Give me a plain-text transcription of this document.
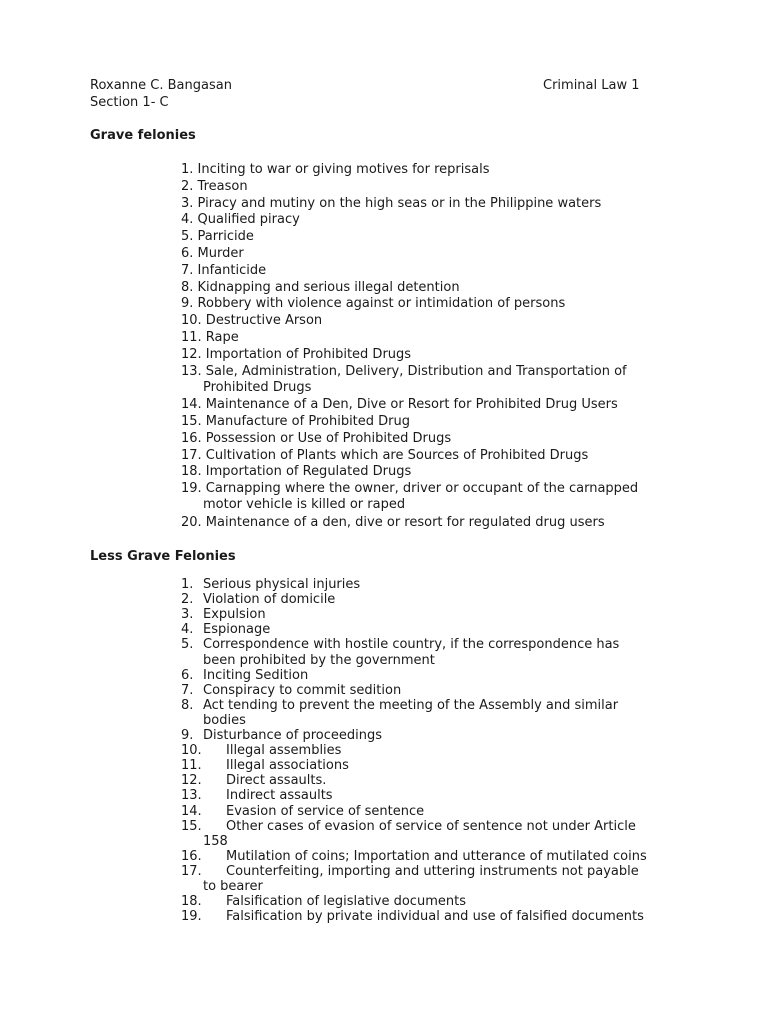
Roxanne C. Bangasan	Criminal Law 1
Section 1- C
Grave felonies
1. Inciting to war or giving motives for reprisals
2. Treason
3. Piracy and mutiny on the high seas or in the Philippine waters
4. Qualified piracy
5. Parricide
6. Murder
7. Infanticide
8. Kidnapping and serious illegal detention
9. Robbery with violence against or intimidation of persons
10. Destructive Arson
11. Rape
12. Importation of Prohibited Drugs
13. Sale, Administration, Delivery, Distribution and Transportation of
Prohibited Drugs
14. Maintenance of a Den, Dive or Resort for Prohibited Drug Users
15. Manufacture of Prohibited Drug
16. Possession or Use of Prohibited Drugs
17. Cultivation of Plants which are Sources of Prohibited Drugs
18. Importation of Regulated Drugs
19. Carnapping where the owner, driver or occupant of the carnapped
motor vehicle is killed or raped
20. Maintenance of a den, dive or resort for regulated drug users
Less Grave Felonies
1. Serious physical injuries
2. Violation of domicile
3. Expulsion
4. Espionage
5. Correspondence with hostile country, if the correspondence has
been prohibited by the government
6. Inciting Sedition
7. Conspiracy to commit sedition
8. Act tending to prevent the meeting of the Assembly and similar
bodies
9. Disturbance of proceedings
10. Illegal assemblies
11. Illegal associations
12. Direct assaults.
13. Indirect assaults
14. Evasion of service of sentence
15. Other cases of evasion of service of sentence not under Article
158
16. Mutilation of coins; Importation and utterance of mutilated coins
17. Counterfeiting, importing and uttering instruments not payable
to bearer
18. Falsification of legislative documents
19. Falsification by private individual and use of falsified documents
